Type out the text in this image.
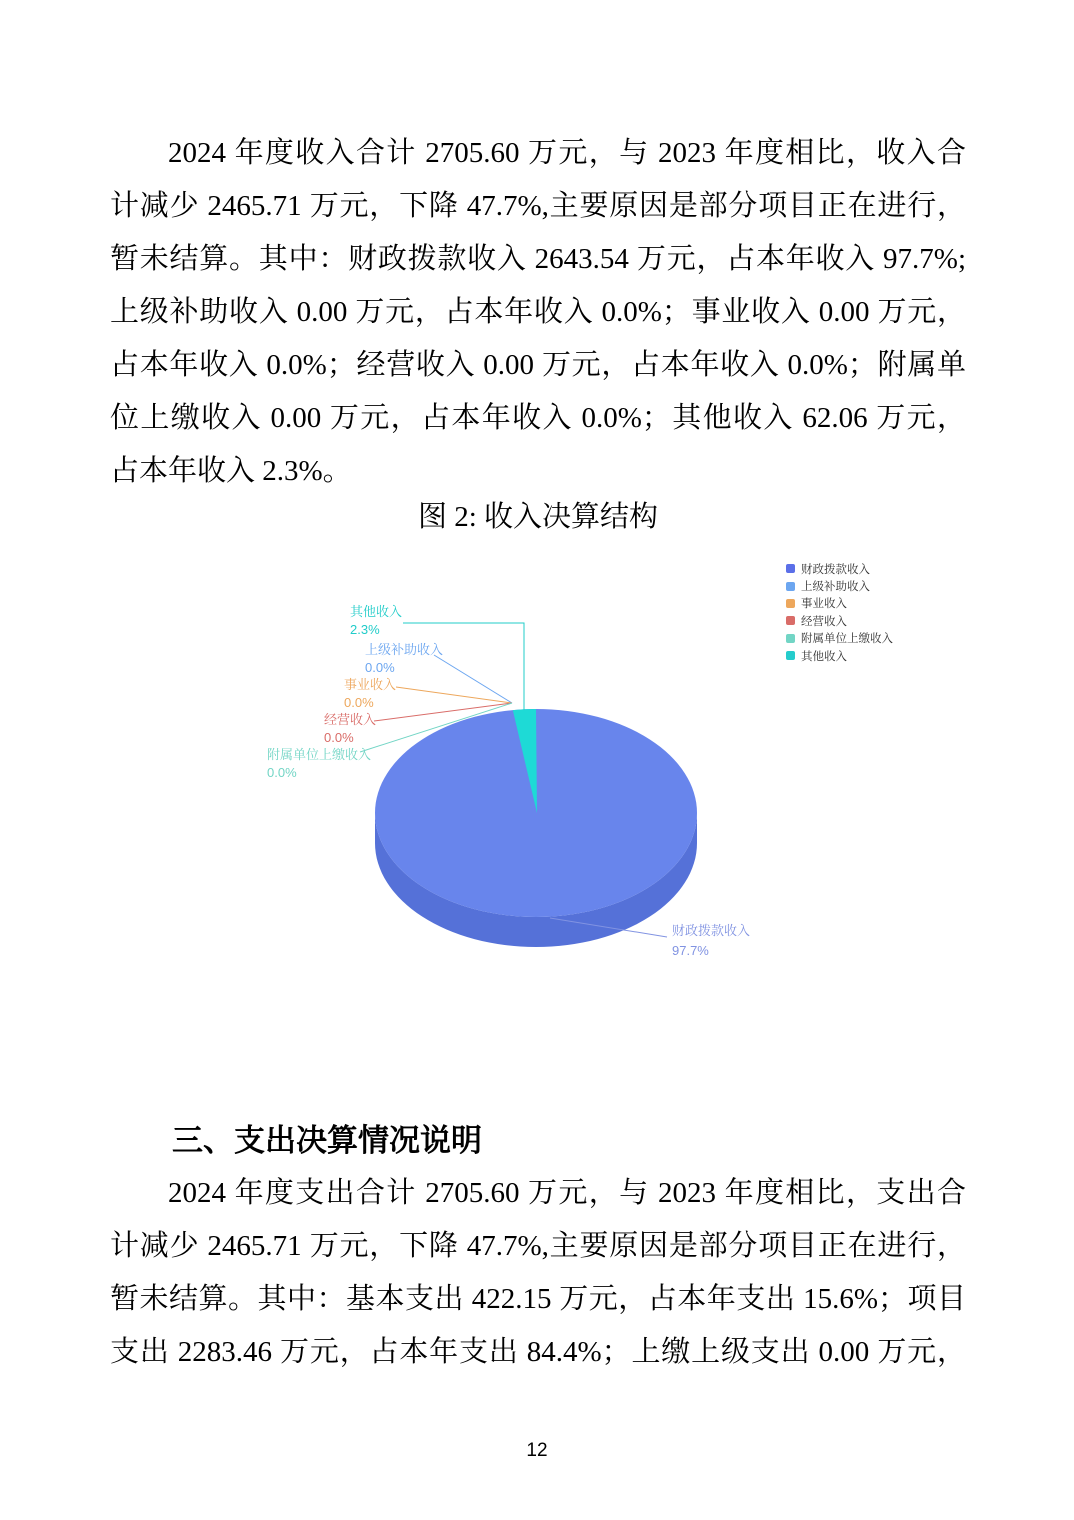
2024 年度收入合计 2705.60 万元，与 2023 年度相比，收入合
计减少 2465.71 万元，下降 47.7%,主要原因是部分项目正在进行，
暂未结算。其中：财政拨款收入 2643.54 万元，占本年收入 97.7%;
上级补助收入 0.00 万元，占本年收入 0.0%；事业收入 0.00 万元，
占本年收入 0.0%；经营收入 0.00 万元，占本年收入 0.0%；附属单
位上缴收入 0.00 万元，占本年收入 0.0%；其他收入 62.06 万元，
占本年收入 2.3%。
图 2: 收入决算结构
其他收入
2.3%
上级补助收入
0.0%
事业收入
0.0%
经营收入
0.0%
附属单位上缴收入
0.0%
财政拨款收入
97.7%
财政拨款收入
上级补助收入
事业收入
经营收入
附属单位上缴收入
其他收入
三、支出决算情况说明
2024 年度支出合计 2705.60 万元，与 2023 年度相比，支出合
计减少 2465.71 万元，下降 47.7%,主要原因是部分项目正在进行，
暂未结算。其中：基本支出 422.15 万元，占本年支出 15.6%；项目
支出 2283.46 万元，占本年支出 84.4%；上缴上级支出 0.00 万元，
12
